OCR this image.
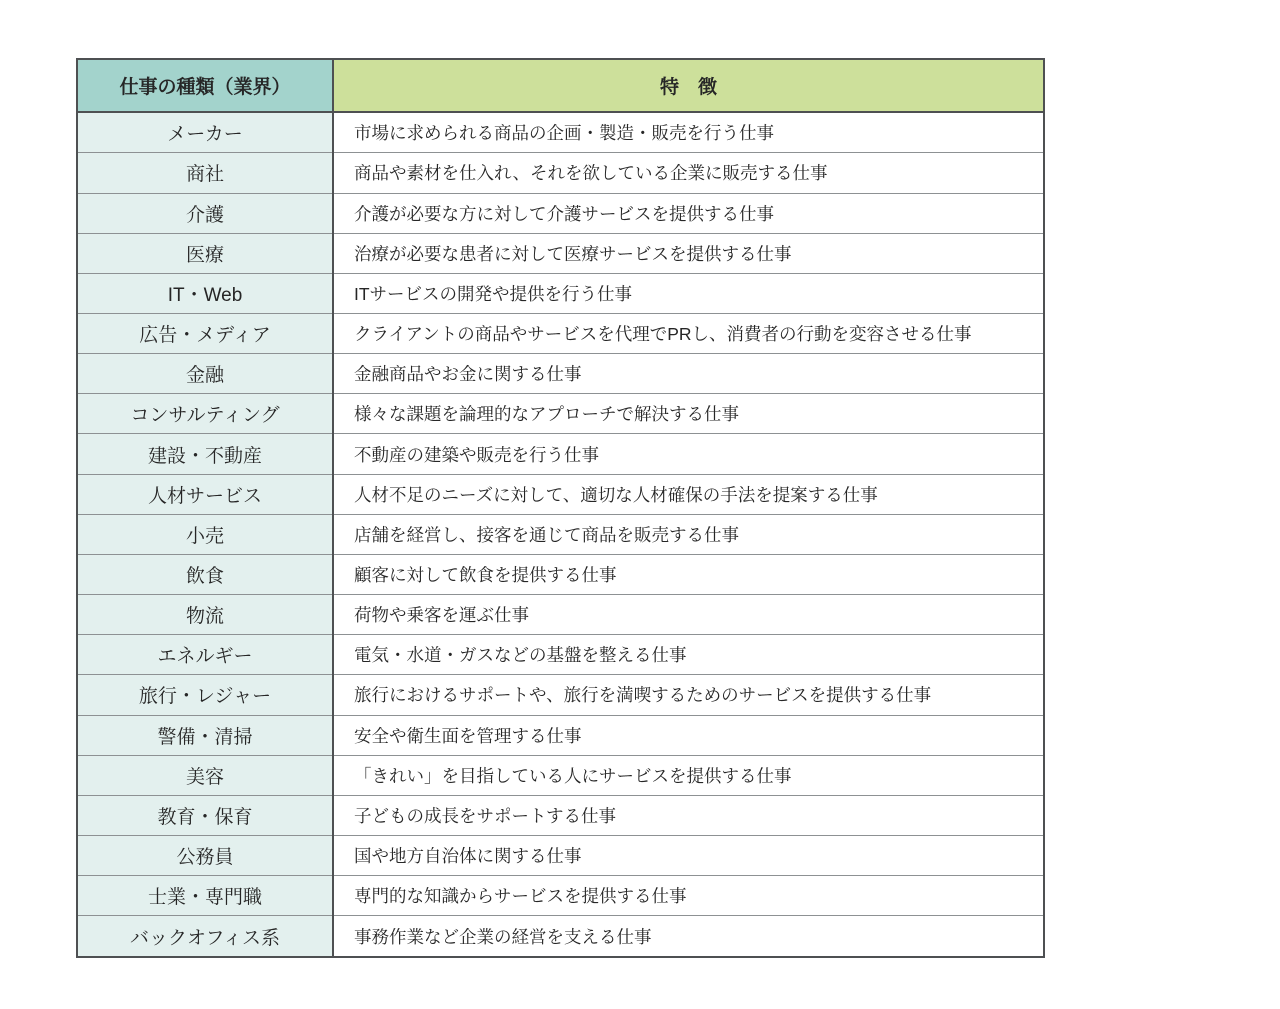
仕事の種類（業界）	特　徴
メーカー	市場に求められる商品の企画・製造・販売を行う仕事
商社	商品や素材を仕入れ、それを欲している企業に販売する仕事
介護	介護が必要な方に対して介護サービスを提供する仕事
医療	治療が必要な患者に対して医療サービスを提供する仕事
IT・Web	ITサービスの開発や提供を行う仕事
広告・メディア	クライアントの商品やサービスを代理でPRし、消費者の行動を変容させる仕事
金融	金融商品やお金に関する仕事
コンサルティング	様々な課題を論理的なアプローチで解決する仕事
建設・不動産	不動産の建築や販売を行う仕事
人材サービス	人材不足のニーズに対して、適切な人材確保の手法を提案する仕事
小売	店舗を経営し、接客を通じて商品を販売する仕事
飲食	顧客に対して飲食を提供する仕事
物流	荷物や乗客を運ぶ仕事
エネルギー	電気・水道・ガスなどの基盤を整える仕事
旅行・レジャー	旅行におけるサポートや、旅行を満喫するためのサービスを提供する仕事
警備・清掃	安全や衛生面を管理する仕事
美容	「きれい」を目指している人にサービスを提供する仕事
教育・保育	子どもの成長をサポートする仕事
公務員	国や地方自治体に関する仕事
士業・専門職	専門的な知識からサービスを提供する仕事
バックオフィス系	事務作業など企業の経営を支える仕事
